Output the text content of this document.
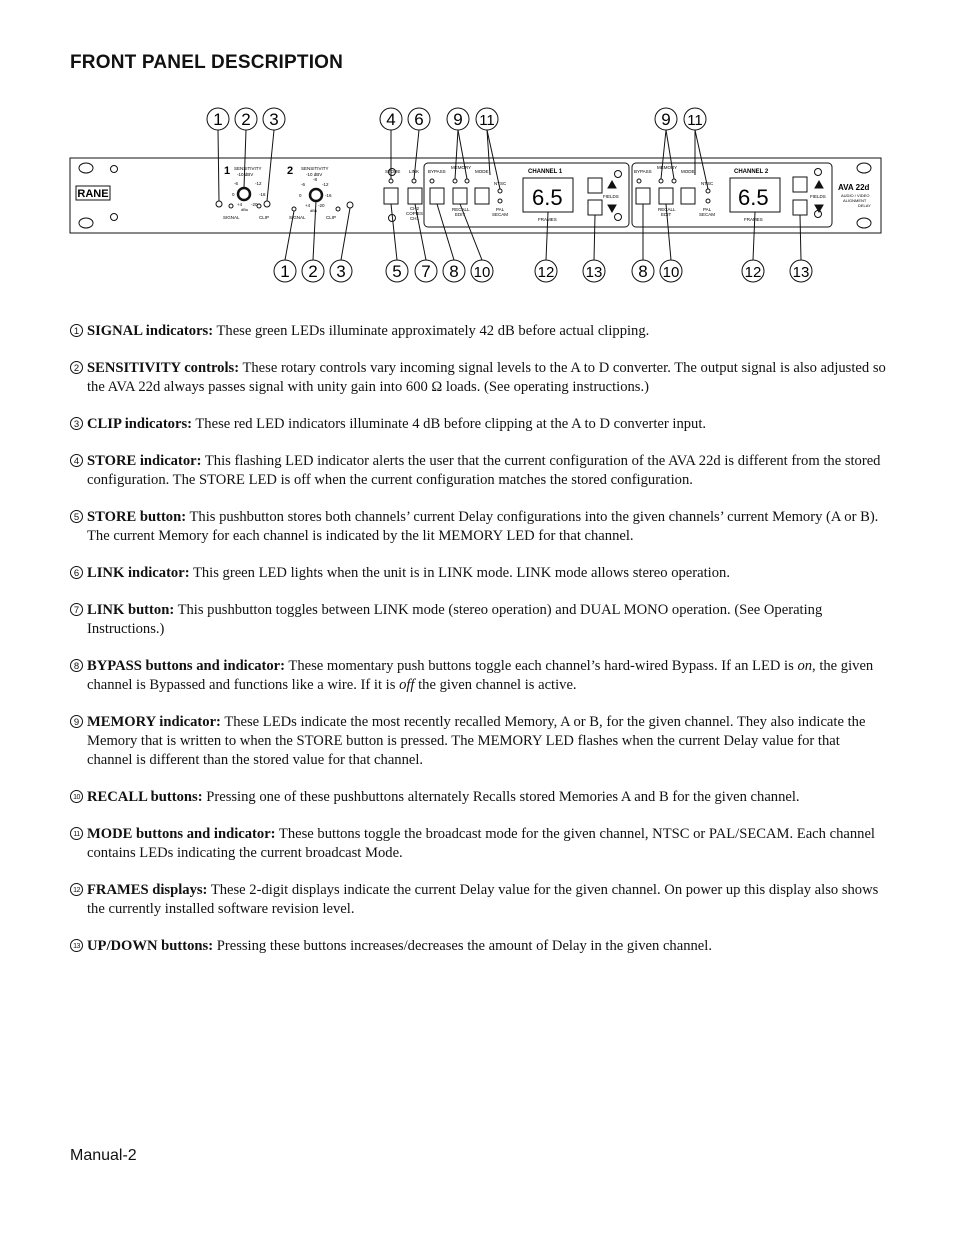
FRONT PANEL DESCRIPTION
RANE
1 SENSITIVITY
-10 dBV
-6	-12
0	-16
+4 -20
dBu
SIGNAL	CLIP
2 SENSITIVITY
-10 dBV
-8
-6	-12
0	-16
+4 -20
dBu
SIGNAL	CLIP
STORE LINK
CH2
COPIES
CH1
BYPASS
MEMORY
MODE
RECALL
EDIT
NTSC
PAL
SECAM
CHANNEL 1
6.5
FRAMES
FIELDS
BYPASS
MEMORY
MODE
RECALL
EDIT
NTSC
PAL
SECAM
CHANNEL 2
6.5
FRAMES
FIELDS
AVA 22d
AUDIO / VIDEO
ALIGNMENT
DELAY
1 2 3	4 6 9 11	9 11
1 2 3	5 7 8 10	12 13 8 10	12 13
1 SIGNAL indicators: These green LEDs illuminate approximately 42 dB before actual clipping.
2 SENSITIVITY controls: These rotary controls vary incoming signal levels to the A to D converter. The output signal is also adjusted so the AVA 22d always passes signal with unity gain into 600 Ω loads. (See operating instructions.)
3 CLIP indicators: These red LED indicators illuminate 4 dB before clipping at the A to D converter input.
4 STORE indicator: This flashing LED indicator alerts the user that the current configuration of the AVA 22d is different from the stored configuration. The STORE LED is off when the current configuration matches the stored configuration.
5 STORE button: This pushbutton stores both channels’ current Delay configurations into the given channels’ current Memory (A or B). The current Memory for each channel is indicated by the lit MEMORY LED for that channel.
6 LINK indicator: This green LED lights when the unit is in LINK mode. LINK mode allows stereo operation.
7 LINK button: This pushbutton toggles between LINK mode (stereo operation) and DUAL MONO operation. (See Operating Instructions.)
8 BYPASS buttons and indicator: These momentary push buttons toggle each channel’s hard-wired Bypass. If an LED is on, the given channel is Bypassed and functions like a wire. If it is off the given channel is active.
9 MEMORY indicator: These LEDs indicate the most recently recalled Memory, A or B, for the given channel. They also indicate the Memory that is written to when the STORE button is pressed. The MEMORY LED flashes when the current Delay value for that channel is different than the stored value for that channel.
10 RECALL buttons: Pressing one of these pushbuttons alternately Recalls stored Memories A and B for the given channel.
11 MODE buttons and indicator: These buttons toggle the broadcast mode for the given channel, NTSC or PAL/SECAM. Each channel contains LEDs indicating the current broadcast Mode.
12 FRAMES displays: These 2-digit displays indicate the current Delay value for the given channel. On power up this display also shows the currently installed software revision level.
13 UP/DOWN buttons: Pressing these buttons increases/decreases the amount of Delay in the given channel.
Manual-2
